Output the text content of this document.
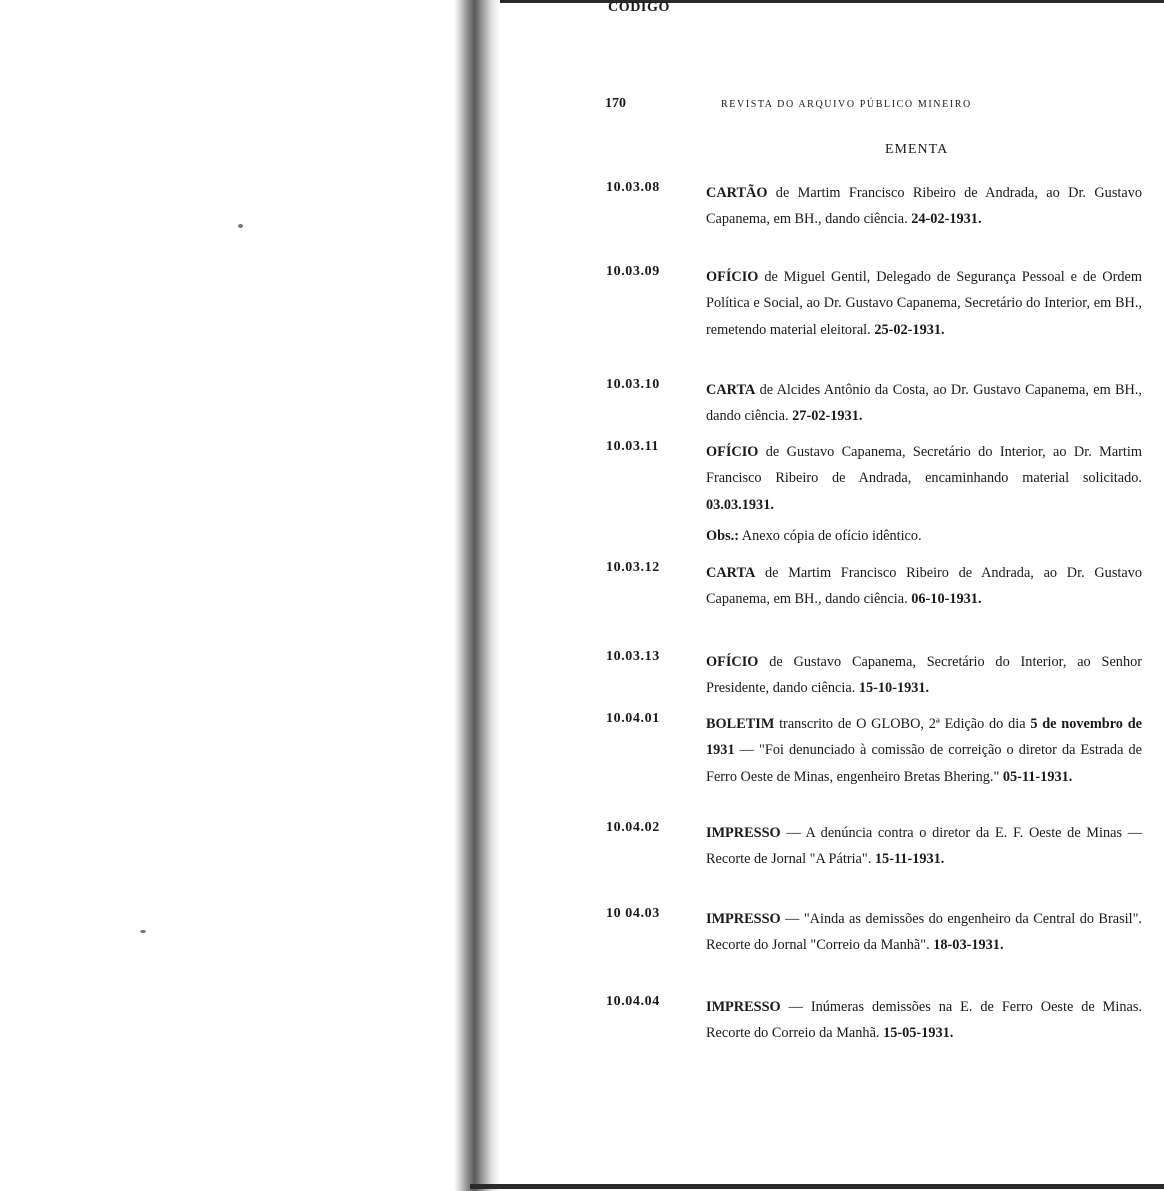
170	REVISTA DO ARQUIVO PÚBLICO MINEIRO
CÓDIGO
EMENTA
10.03.08	CARTÃO de Martim Francisco Ribeiro de Andrada, ao Dr. Gustavo Capanema, em BH., dando ciência. 24-02-1931.
10.03.09	OFÍCIO de Miguel Gentil, Delegado de Segurança Pessoal e de Ordem Política e Social, ao Dr. Gustavo Capanema, Secretário do Interior, em BH., remetendo material eleitoral. 25-02-1931.
10.03.10	CARTA de Alcides Antônio da Costa, ao Dr. Gustavo Capanema, em BH., dando ciência. 27-02-1931.
10.03.11	OFÍCIO de Gustavo Capanema, Secretário do Interior, ao Dr. Martim Francisco Ribeiro de Andrada, encaminhando material solicitado. 03.03.1931.
Obs.: Anexo cópia de ofício idêntico.
10.03.12	CARTA de Martim Francisco Ribeiro de Andrada, ao Dr. Gustavo Capanema, em BH., dando ciência. 06-10-1931.
10.03.13	OFÍCIO de Gustavo Capanema, Secretário do Interior, ao Senhor Presidente, dando ciência. 15-10-1931.
10.04.01	BOLETIM transcrito de O GLOBO, 2ª Edição do dia 5 de novembro de 1931 — "Foi denunciado à comissão de correição o diretor da Estrada de Ferro Oeste de Minas, engenheiro Bretas Bhering." 05-11-1931.
10.04.02	IMPRESSO — A denúncia contra o diretor da E. F. Oeste de Minas — Recorte de Jornal "A Pátria". 15-11-1931.
10 04.03	IMPRESSO — "Ainda as demissões do engenheiro da Central do Brasil". Recorte do Jornal "Correio da Manhã". 18-03-1931.
10.04.04	IMPRESSO — Inúmeras demissões na E. de Ferro Oeste de Minas. Recorte do Correio da Manhã. 15-05-1931.
